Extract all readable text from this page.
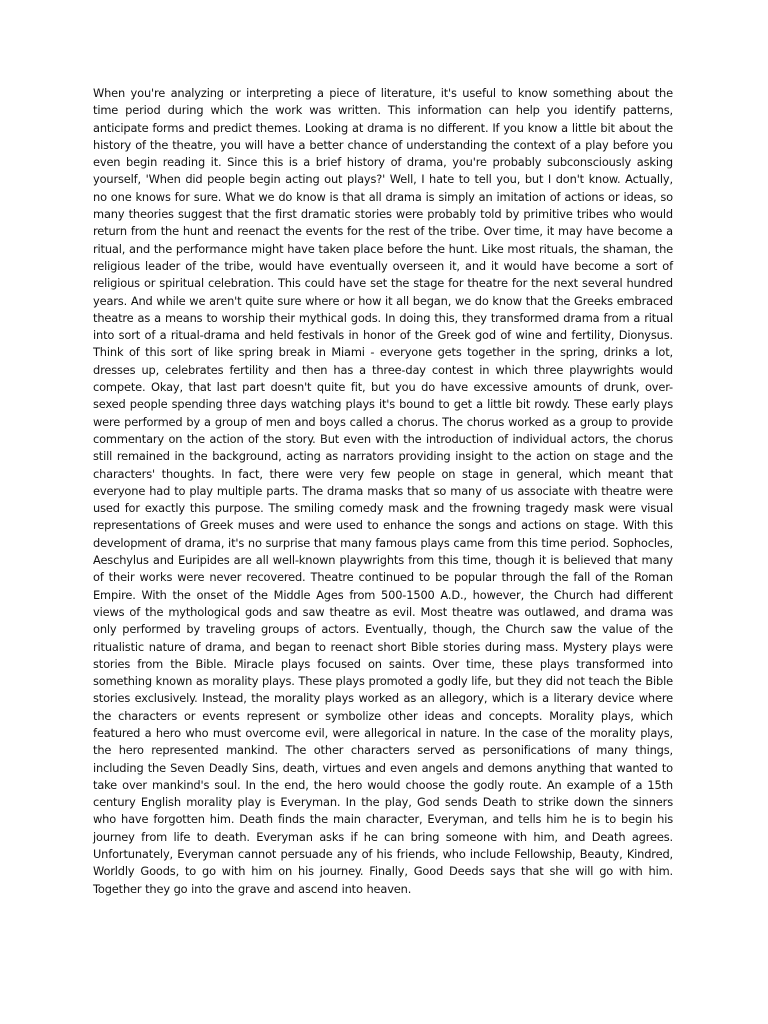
When you're analyzing or interpreting a piece of literature, it's useful to know something about the time period during which the work was written. This information can help you identify patterns, anticipate forms and predict themes. Looking at drama is no different. If you know a little bit about the history of the theatre, you will have a better chance of understanding the context of a play before you even begin reading it. Since this is a brief history of drama, you're probably subconsciously asking yourself, 'When did people begin acting out plays?' Well, I hate to tell you, but I don't know. Actually, no one knows for sure. What we do know is that all drama is simply an imitation of actions or ideas, so many theories suggest that the first dramatic stories were probably told by primitive tribes who would return from the hunt and reenact the events for the rest of the tribe. Over time, it may have become a ritual, and the performance might have taken place before the hunt. Like most rituals, the shaman, the religious leader of the tribe, would have eventually overseen it, and it would have become a sort of religious or spiritual celebration. This could have set the stage for theatre for the next several hundred years. And while we aren't quite sure where or how it all began, we do know that the Greeks embraced theatre as a means to worship their mythical gods. In doing this, they transformed drama from a ritual into sort of a ritual-drama and held festivals in honor of the Greek god of wine and fertility, Dionysus. Think of this sort of like spring break in Miami - everyone gets together in the spring, drinks a lot, dresses up, celebrates fertility and then has a three-day contest in which three playwrights would compete. Okay, that last part doesn't quite fit, but you do have excessive amounts of drunk, over-sexed people spending three days watching plays it's bound to get a little bit rowdy. These early plays were performed by a group of men and boys called a chorus. The chorus worked as a group to provide commentary on the action of the story. But even with the introduction of individual actors, the chorus still remained in the background, acting as narrators providing insight to the action on stage and the characters' thoughts. In fact, there were very few people on stage in general, which meant that everyone had to play multiple parts. The drama masks that so many of us associate with theatre were used for exactly this purpose. The smiling comedy mask and the frowning tragedy mask were visual representations of Greek muses and were used to enhance the songs and actions on stage. With this development of drama, it's no surprise that many famous plays came from this time period. Sophocles, Aeschylus and Euripides are all well-known playwrights from this time, though it is believed that many of their works were never recovered. Theatre continued to be popular through the fall of the Roman Empire. With the onset of the Middle Ages from 500-1500 A.D., however, the Church had different views of the mythological gods and saw theatre as evil. Most theatre was outlawed, and drama was only performed by traveling groups of actors. Eventually, though, the Church saw the value of the ritualistic nature of drama, and began to reenact short Bible stories during mass. Mystery plays were stories from the Bible. Miracle plays focused on saints. Over time, these plays transformed into something known as morality plays. These plays promoted a godly life, but they did not teach the Bible stories exclusively. Instead, the morality plays worked as an allegory, which is a literary device where the characters or events represent or symbolize other ideas and concepts. Morality plays, which featured a hero who must overcome evil, were allegorical in nature. In the case of the morality plays, the hero represented mankind. The other characters served as personifications of many things, including the Seven Deadly Sins, death, virtues and even angels and demons anything that wanted to take over mankind's soul. In the end, the hero would choose the godly route. An example of a 15th century English morality play is Everyman. In the play, God sends Death to strike down the sinners who have forgotten him. Death finds the main character, Everyman, and tells him he is to begin his journey from life to death. Everyman asks if he can bring someone with him, and Death agrees. Unfortunately, Everyman cannot persuade any of his friends, who include Fellowship, Beauty, Kindred, Worldly Goods, to go with him on his journey. Finally, Good Deeds says that she will go with him. Together they go into the grave and ascend into heaven.
